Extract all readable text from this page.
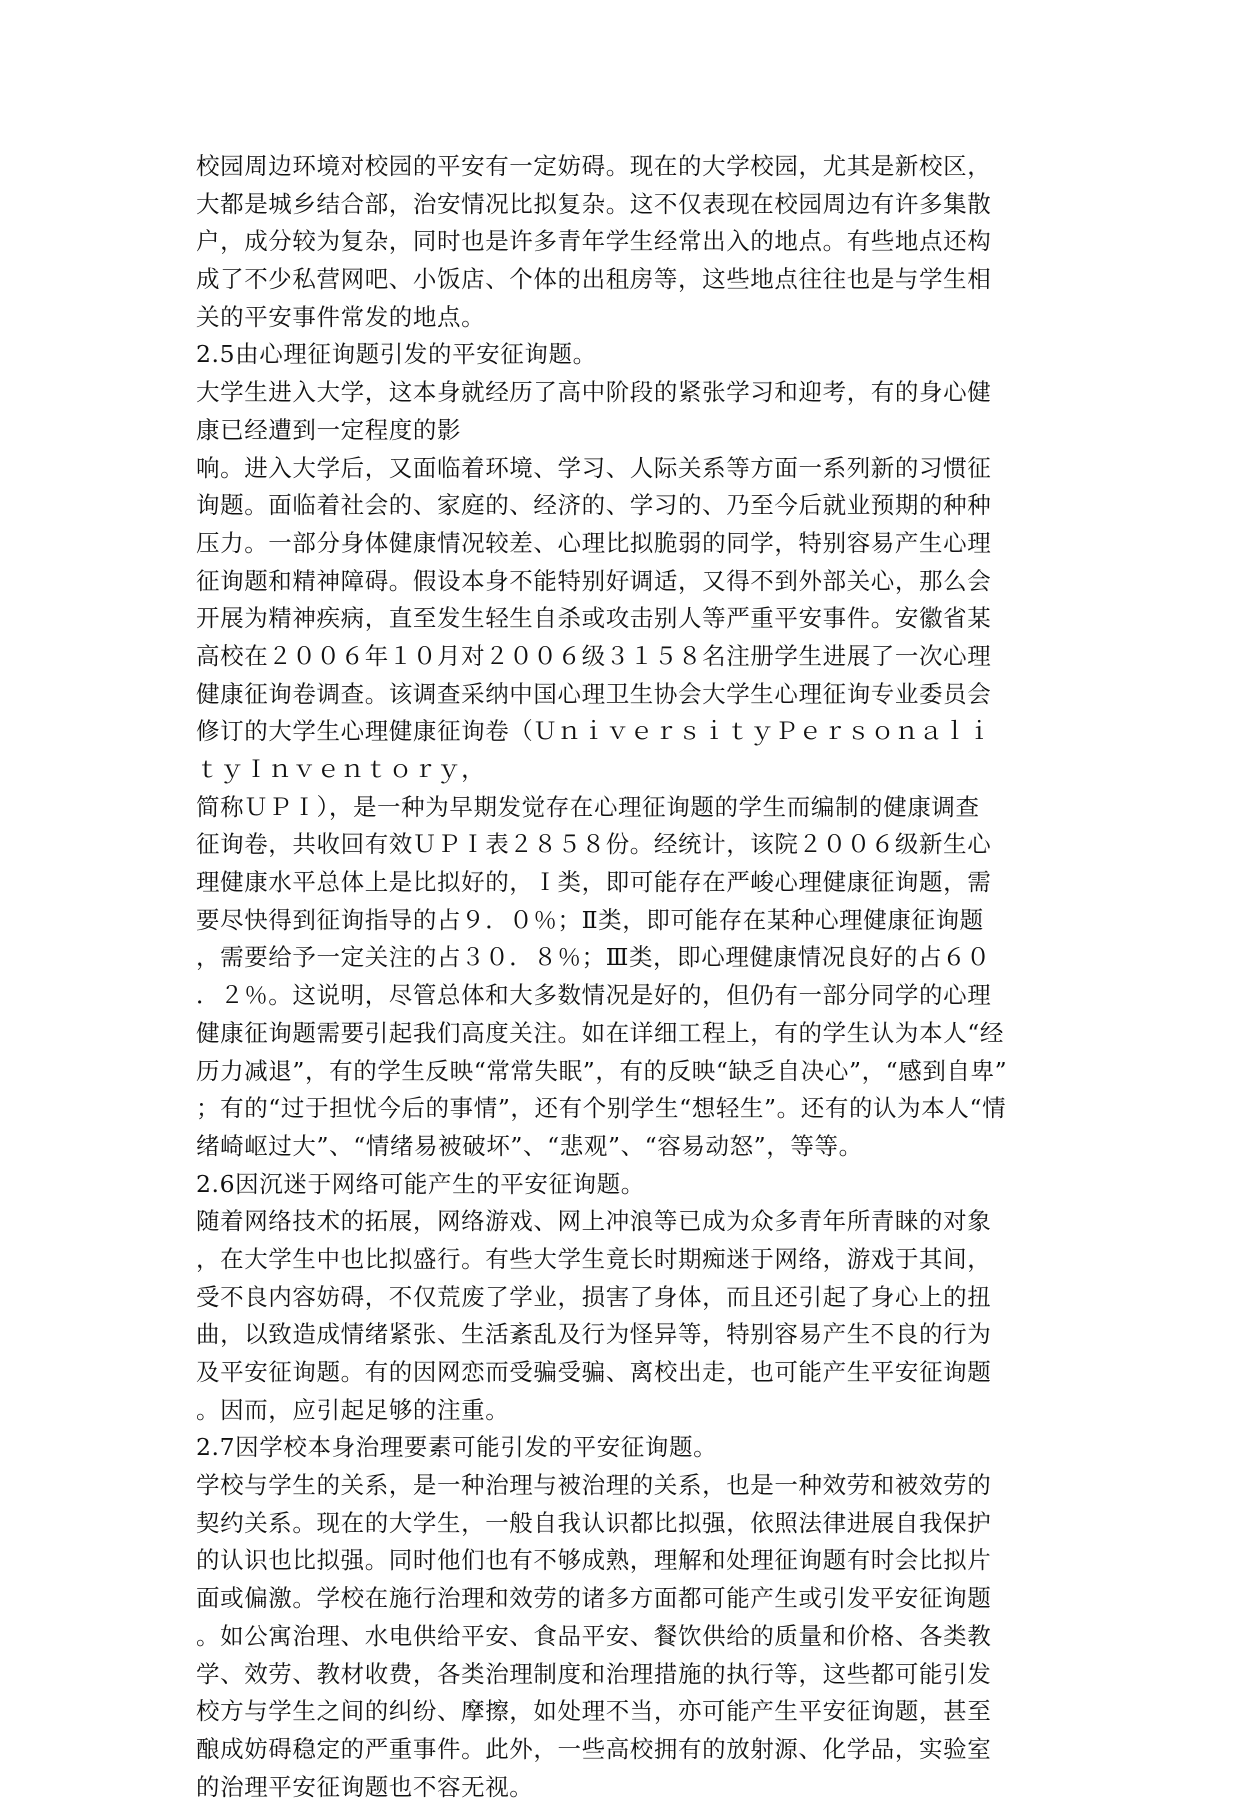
校园周边环境对校园的平安有一定妨碍。现在的大学校园，尤其是新校区，
大都是城乡结合部，治安情况比拟复杂。这不仅表现在校园周边有许多集散
户，成分较为复杂，同时也是许多青年学生经常出入的地点。有些地点还构
成了不少私营网吧、小饭店、个体的出租房等，这些地点往往也是与学生相
关的平安事件常发的地点。
2.5由心理征询题引发的平安征询题。
大学生进入大学，这本身就经历了高中阶段的紧张学习和迎考，有的身心健
康已经遭到一定程度的影
响。进入大学后，又面临着环境、学习、人际关系等方面一系列新的习惯征
询题。面临着社会的、家庭的、经济的、学习的、乃至今后就业预期的种种
压力。一部分身体健康情况较差、心理比拟脆弱的同学，特别容易产生心理
征询题和精神障碍。假设本身不能特别好调适，又得不到外部关心，那么会
开展为精神疾病，直至发生轻生自杀或攻击别人等严重平安事件。安徽省某
高校在２００６年１０月对２００６级３１５８名注册学生进展了一次心理
健康征询卷调查。该调查采纳中国心理卫生协会大学生心理征询专业委员会
修订的大学生心理健康征询卷（ＵｎｉｖｅｒｓｉｔｙＰｅｒｓｏｎａｌｉ
ｔｙＩｎｖｅｎｔｏｒｙ，
简称ＵＰＩ），是一种为早期发觉存在心理征询题的学生而编制的健康调查
征询卷，共收回有效ＵＰＩ表２８５８份。经统计，该院２００６级新生心
理健康水平总体上是比拟好的，Ｉ类，即可能存在严峻心理健康征询题，需
要尽快得到征询指导的占９．０％；Ⅱ类，即可能存在某种心理健康征询题
，需要给予一定关注的占３０．８％；Ⅲ类，即心理健康情况良好的占６０
．２％。这说明，尽管总体和大多数情况是好的，但仍有一部分同学的心理
健康征询题需要引起我们高度关注。如在详细工程上，有的学生认为本人“经
历力减退”，有的学生反映“常常失眠”，有的反映“缺乏自决心”，“感到自卑”
；有的“过于担忧今后的事情”，还有个别学生“想轻生”。还有的认为本人“情
绪崎岖过大”、“情绪易被破坏”、“悲观”、“容易动怒”，等等。
2.6因沉迷于网络可能产生的平安征询题。
随着网络技术的拓展，网络游戏、网上冲浪等已成为众多青年所青睐的对象
，在大学生中也比拟盛行。有些大学生竟长时期痴迷于网络，游戏于其间，
受不良内容妨碍，不仅荒废了学业，损害了身体，而且还引起了身心上的扭
曲，以致造成情绪紧张、生活紊乱及行为怪异等，特别容易产生不良的行为
及平安征询题。有的因网恋而受骗受骗、离校出走，也可能产生平安征询题
。因而，应引起足够的注重。
2.7因学校本身治理要素可能引发的平安征询题。
学校与学生的关系，是一种治理与被治理的关系，也是一种效劳和被效劳的
契约关系。现在的大学生，一般自我认识都比拟强，依照法律进展自我保护
的认识也比拟强。同时他们也有不够成熟，理解和处理征询题有时会比拟片
面或偏激。学校在施行治理和效劳的诸多方面都可能产生或引发平安征询题
。如公寓治理、水电供给平安、食品平安、餐饮供给的质量和价格、各类教
学、效劳、教材收费，各类治理制度和治理措施的执行等，这些都可能引发
校方与学生之间的纠纷、摩擦，如处理不当，亦可能产生平安征询题，甚至
酿成妨碍稳定的严重事件。此外，一些高校拥有的放射源、化学品，实验室
的治理平安征询题也不容无视。
